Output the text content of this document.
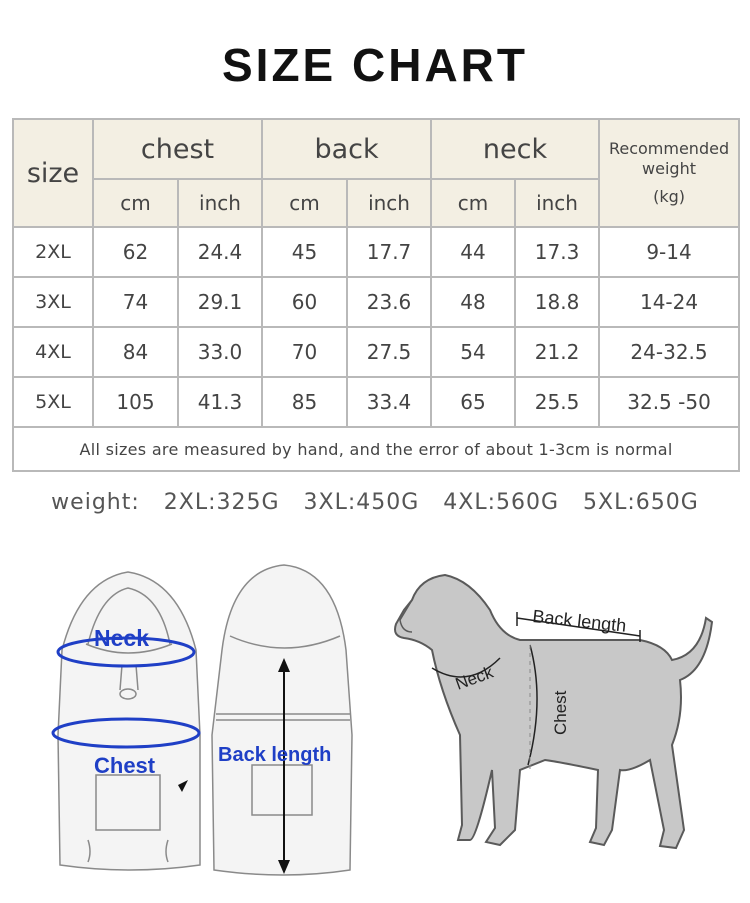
SIZE CHART
size	chest		back		neck		Recommended
weight
(kg)

	cm	inch	cm	inch	cm	inch	
2XL	62	24.4	45	17.7	44	17.3	9-14
3XL	74	29.1	60	23.6	48	18.8	14-24
4XL	84	33.0	70	27.5	54	21.2	24-32.5
5XL	105	41.3	85	33.4	65	25.5	32.5 -50
All sizes are measured by hand, and the error of about 1-3cm is normal							
weight:  2XL:325G  3XL:450G  4XL:560G  5XL:650G
Neck
Chest	Back length
Back length
Neck
Chest
